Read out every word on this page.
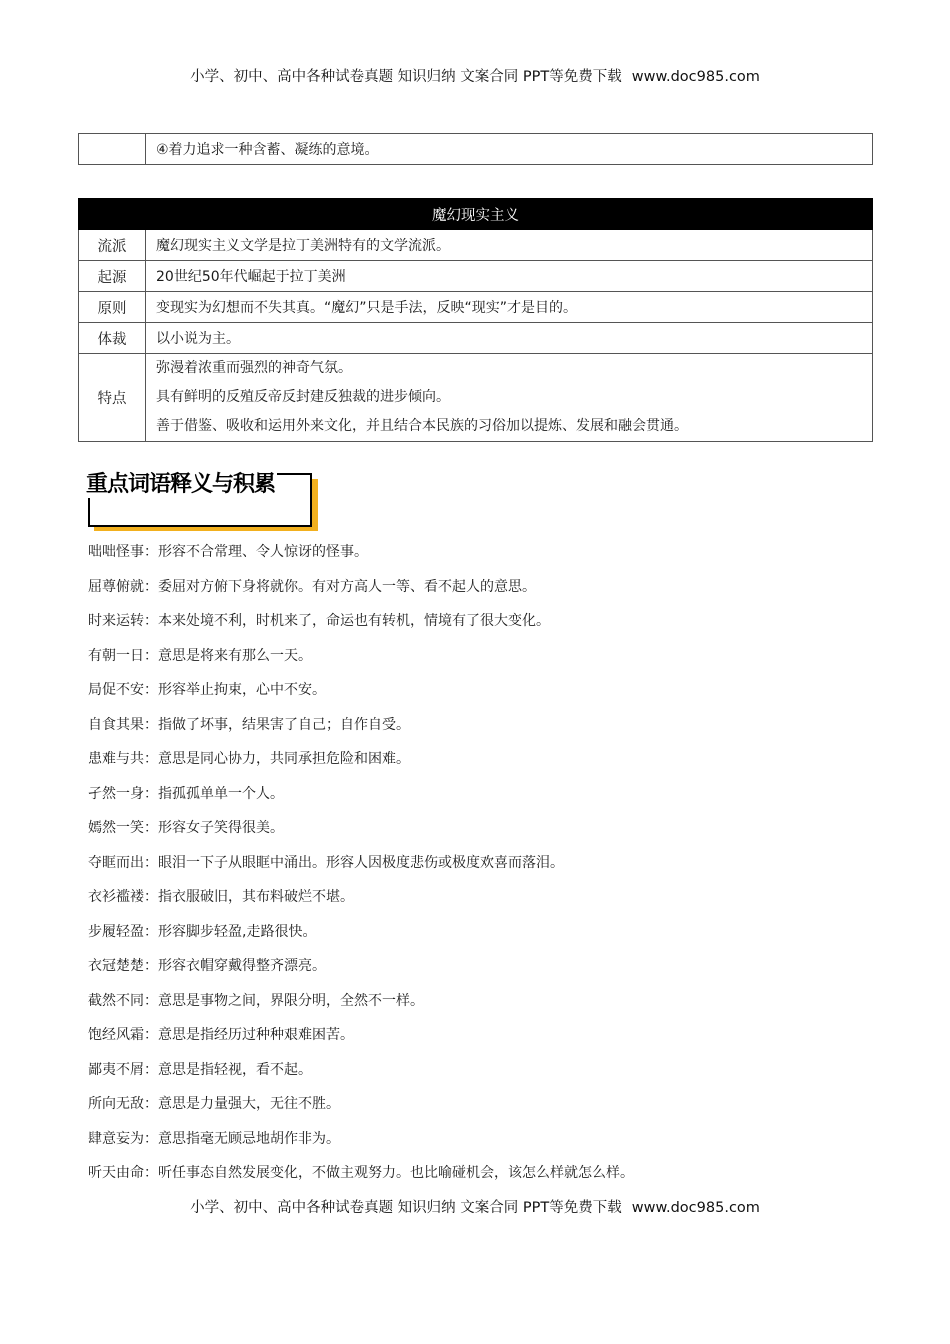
小学、初中、高中各种试卷真题 知识归纳 文案合同 PPT等免费下载 www.doc985.com
	④着力追求一种含蓄、凝练的意境。
魔幻现实主义	
流派	魔幻现实主义文学是拉丁美洲特有的文学流派。
起源	20世纪50年代崛起于拉丁美洲
原则	变现实为幻想而不失其真。“魔幻”只是手法，反映“现实”才是目的。
体裁	以小说为主。
特点	弥漫着浓重而强烈的神奇气氛。
具有鲜明的反殖反帝反封建反独裁的进步倾向。
善于借鉴、吸收和运用外来文化，并且结合本民族的习俗加以提炼、发展和融会贯通。
重点词语释义与积累
咄咄怪事：形容不合常理、令人惊讶的怪事。
屈尊俯就：委屈对方俯下身将就你。有对方高人一等、看不起人的意思。
时来运转：本来处境不利，时机来了，命运也有转机，情境有了很大变化。
有朝一日：意思是将来有那么一天。
局促不安：形容举止拘束，心中不安。
自食其果：指做了坏事，结果害了自己；自作自受。
患难与共：意思是同心协力，共同承担危险和困难。
孑然一身：指孤孤单单一个人。
嫣然一笑：形容女子笑得很美。
夺眶而出：眼泪一下子从眼眶中涌出。形容人因极度悲伤或极度欢喜而落泪。
衣衫褴褛：指衣服破旧，其布料破烂不堪。
步履轻盈：形容脚步轻盈,走路很快。
衣冠楚楚：形容衣帽穿戴得整齐漂亮。
截然不同：意思是事物之间，界限分明，全然不一样。
饱经风霜：意思是指经历过种种艰难困苦。
鄙夷不屑：意思是指轻视，看不起。
所向无敌：意思是力量强大，无往不胜。
肆意妄为：意思指毫无顾忌地胡作非为。
听天由命：听任事态自然发展变化，不做主观努力。也比喻碰机会，该怎么样就怎么样。
小学、初中、高中各种试卷真题 知识归纳 文案合同 PPT等免费下载 www.doc985.com
